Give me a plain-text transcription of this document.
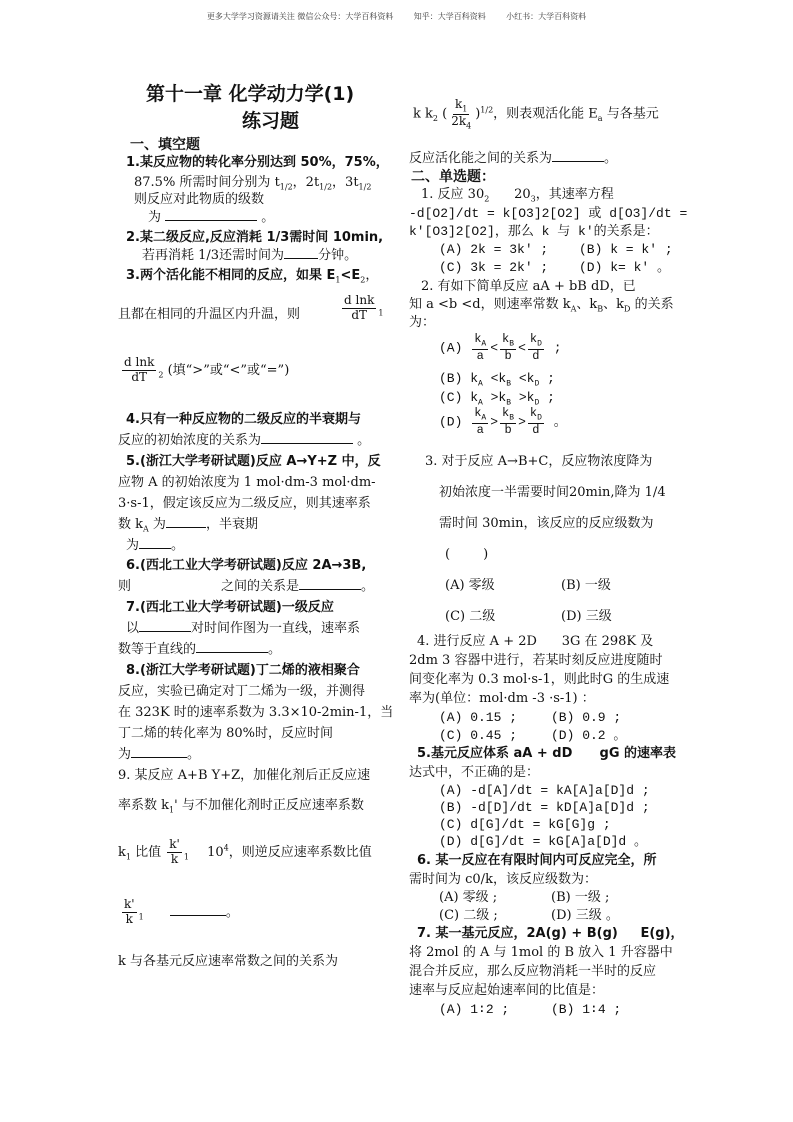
更多大学学习资源请关注 微信公众号：大学百科资料        知乎：大学百科资料        小红书：大学百科资料
第十一章 化学动力学(1)
练习题
一、填空题
1.某反应物的转化率分别达到 50%，75%，
87.5% 所需时间分别为 $t_{1/2}$，$2t_{1/2}$，$3t_{1/2}$
则反应对此物质的级数
为	。
2.某二级反应,反应消耗 1/3需时间 10min,
若再消耗 1/3还需时间为	分钟。
3.两个活化能不相同的反应，如果 $E_1<E_2$，
且都在相同的升温区内升温，则	$\frac{\text{d lnk}}{dT} _1$
$\frac{\text{d lnk}}{dT} _2$ (填“>”或“<”或“=”)
4.只有一种反应物的二级反应的半衰期与
反应的初始浓度的关系为	。
5.(浙江大学考研试题)反应 A→Y+Z 中，反
应物 A 的初始浓度为 1 mol·dm-3 mol·dm-
3·s-1，假定该反应为二级反应，则其速率系
数 $k_A$ 为	，半衰期
为 。
6.(西北工业大学考研试题)反应 2A→3B,
则	之间的关系是	。
7.(西北工业大学考研试题)一级反应
以	对时间作图为一直线，速率系
数等于直线的	。
8.(浙江大学考研试题)丁二烯的液相聚合
反应，实验已确定对丁二烯为一级，并测得
在 323K 时的速率系数为 3.3×10-2min-1，当
丁二烯的转化率为 80%时，反应时间
为	。
9. 某反应 A+B Y+Z，加催化剂后正反应速
率系数 $k_1'$ 与不加催化剂时正反应速率系数
$k_1$ 比值 $\frac{k'}{k} _1$ $10^4$，则逆反应速率系数比值
$\frac{k'}{k} _1$	。
k 与各基元反应速率常数之间的关系为
k $k_2$ ( $\frac{k_1}{2k_4} )^{1/2}$，则表观活化能 $E_a$ 与各基元
反应活化能之间的关系为	。
二、单选题：
1. 反应 $30_2$      $20_3$，其速率方程
-d[O2]/dt = k[O3]2[O2] 或 d[O3]/dt =
k'[O3]2[O2]，那么 k 与 k'的关系是：
(A) 2k = 3k' ; (B) k = k' ;
(C) 3k = 2k' ; (D) k= k' 。
2. 有如下简单反应 aA + bB dD，已
知 a <b <d，则速率常数 $k_A$、$k_B$、$k_D$ 的关系
为：
$(A) \frac{k_A}{a} < \frac{k_B}{b} < \frac{k_D}{d}$ ;
(B) $k_A <k_B <k_D$ ;
(C) $k_A >k_B >k_D$ ;
$(D) \frac{k_A}{a} > \frac{k_B}{b} > \frac{k_D}{d}$ 。
3. 对于反应 A→B+C，反应物浓度降为
初始浓度一半需要时间20min,降为 1/4
需时间 30min，该反应的反应级数为
(        )
(A) 零级	(B) 一级
(C) 二级	(D) 三级
4. 进行反应 A + 2D      3G 在 298K 及
2dm 3 容器中进行，若某时刻反应进度随时
间变化率为 0.3 mol·s-1，则此时G 的生成速
率为(单位：mol·dm -3 ·s-1) ：
(A) 0.15 ;	(B) 0.9 ;
(C) 0.45 ;	(D) 0.2 。
5.基元反应体系 aA + dD      gG 的速率表
达式中，不正确的是：
(A) -d[A]/dt = kA[A]a[D]d ;
(B) -d[D]/dt = kD[A]a[D]d ;
(C) d[G]/dt = kG[G]g ;
(D) d[G]/dt = kG[A]a[D]d 。
6. 某一反应在有限时间内可反应完全，所
需时间为 c0/k，该反应级数为：
(A) 零级 ;	(B) 一级 ;
(C) 二级 ;	(D) 三级 。
7. 某一基元反应，2A(g) + B(g)     E(g)，
将 2mol 的 A 与 1mol 的 B 放入 1 升容器中
混合并反应，那么反应物消耗一半时的反应
速率与反应起始速率间的比值是：
(A) 1∶2 ;	(B) 1∶4 ;
